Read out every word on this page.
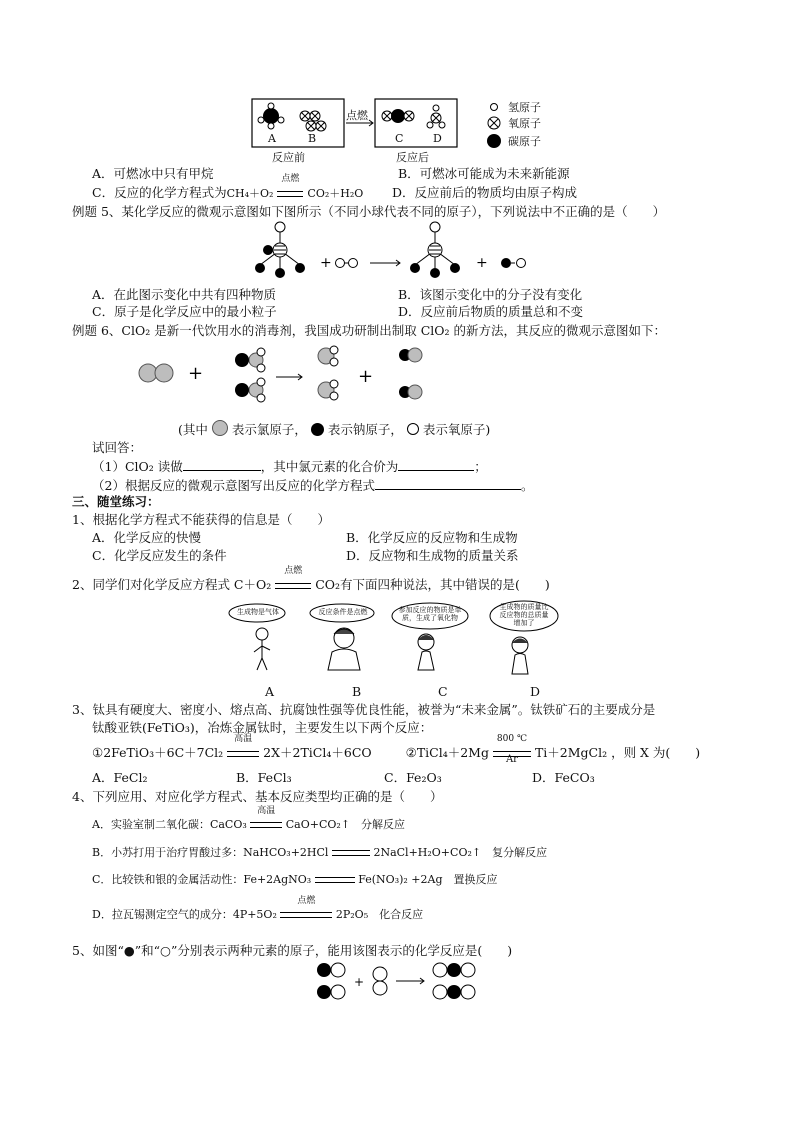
A	B
点燃
C	D
反应前	反应后
氢原子
氧原子
碳原子
A．可燃冰中只有甲烷	B．可燃冰可能成为未来新能源
C．反应的化学方程式为CH₄＋O₂
点燃
CO₂＋H₂O D．反应前后的物质均由原子构成
例题 5、某化学反应的微观示意图如下图所示（不同小球代表不同的原子），下列说法中不正确的是（　　）
+	+
A．在此图示变化中共有四种物质	B．该图示变化中的分子没有变化
C．原子是化学反应中的最小粒子	D．反应前后物质的质量总和不变
例题 6、ClO₂ 是新一代饮用水的消毒剂，我国成功研制出制取 ClO₂ 的新方法，其反应的微观示意图如下：
+	+
(其中 表示氯原子， 表示钠原子， 表示氧原子)
试回答：
（1）ClO₂ 读做	，其中氯元素的化合价为	；
（2）根据反应的微观示意图写出反应的化学方程式	。
三、随堂练习：
1、根据化学方程式不能获得的信息是（　　）
A．化学反应的快慢	B．化学反应的反应物和生成物
C．化学反应发生的条件	D．反应物和生成物的质量关系
2、同学们对化学反应方程式 C＋O₂
点燃
CO₂有下面四种说法，其中错误的是(　　)
生成物是气体	反应条件是点燃	参加反应的物质是单质，生成了氧化物
生成物的质量比反应物的总质量增加了
A	B	C	D
3、钛具有硬度大、密度小、熔点高、抗腐蚀性强等优良性能，被誉为“未来金属”。钛铁矿石的主要成分是
钛酸亚铁(FeTiO₃)，冶炼金属钛时，主要发生以下两个反应：
①2FeTiO₃＋6C＋7Cl₂
高温
2X＋2TiCl₄＋6CO	②TiCl₄＋2Mg
800 ℃
Ar	Ti＋2MgCl₂ ，则 X 为(　　)
A．FeCl₂	B．FeCl₃	C．Fe₂O₃	D．FeCO₃
4、下列应用、对应化学方程式、基本反应类型均正确的是（　　）
A．实验室制二氧化碳：CaCO₃
高温
CaO+CO₂↑　分解反应
B．小苏打用于治疗胃酸过多：NaHCO₃+2HCl	2NaCl+H₂O+CO₂↑　复分解反应
C．比较铁和银的金属活动性：Fe+2AgNO₃	Fe(NO₃)₂ +2Ag　置换反应
D．拉瓦锡测定空气的成分：4P+5O₂
点燃
2P₂O₅　化合反应
5、如图“●”和“○”分别表示两种元素的原子，能用该图表示的化学反应是(　　)
+
